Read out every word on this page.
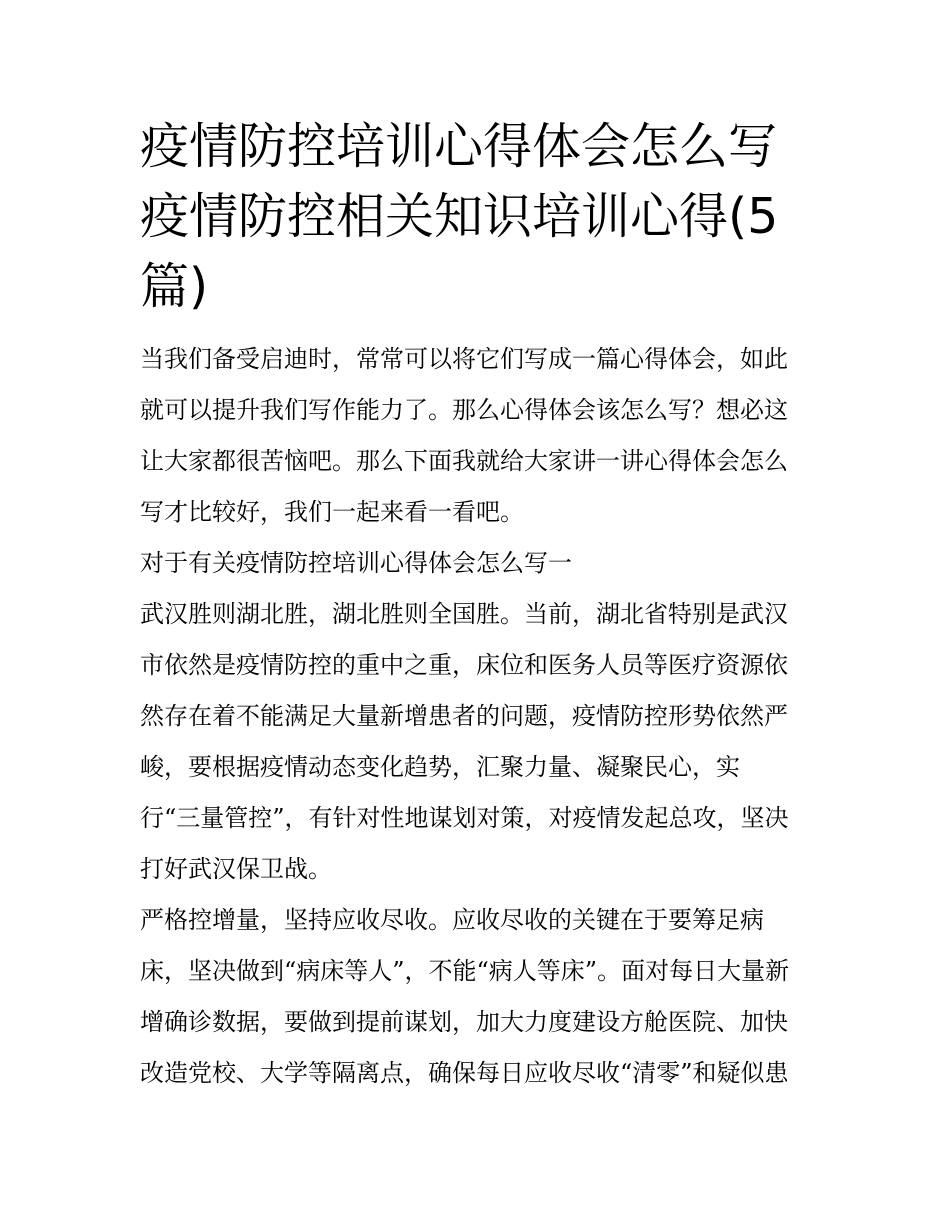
疫情防控培训心得体会怎么写
疫情防控相关知识培训心得(5
篇)

当我们备受启迪时，常常可以将它们写成一篇心得体会，如此
就可以提升我们写作能力了。那么心得体会该怎么写？想必这
让大家都很苦恼吧。那么下面我就给大家讲一讲心得体会怎么
写才比较好，我们一起来看一看吧。

对于有关疫情防控培训心得体会怎么写一

武汉胜则湖北胜，湖北胜则全国胜。当前，湖北省特别是武汉
市依然是疫情防控的重中之重，床位和医务人员等医疗资源依
然存在着不能满足大量新增患者的问题，疫情防控形势依然严
峻，要根据疫情动态变化趋势，汇聚力量、凝聚民心，实
行“三量管控”，有针对性地谋划对策，对疫情发起总攻，坚决
打好武汉保卫战。

严格控增量，坚持应收尽收。应收尽收的关键在于要筹足病
床，坚决做到“病床等人”，不能“病人等床”。面对每日大量新
增确诊数据，要做到提前谋划，加大力度建设方舱医院、加快
改造党校、大学等隔离点，确保每日应收尽收“清零”和疑似患
